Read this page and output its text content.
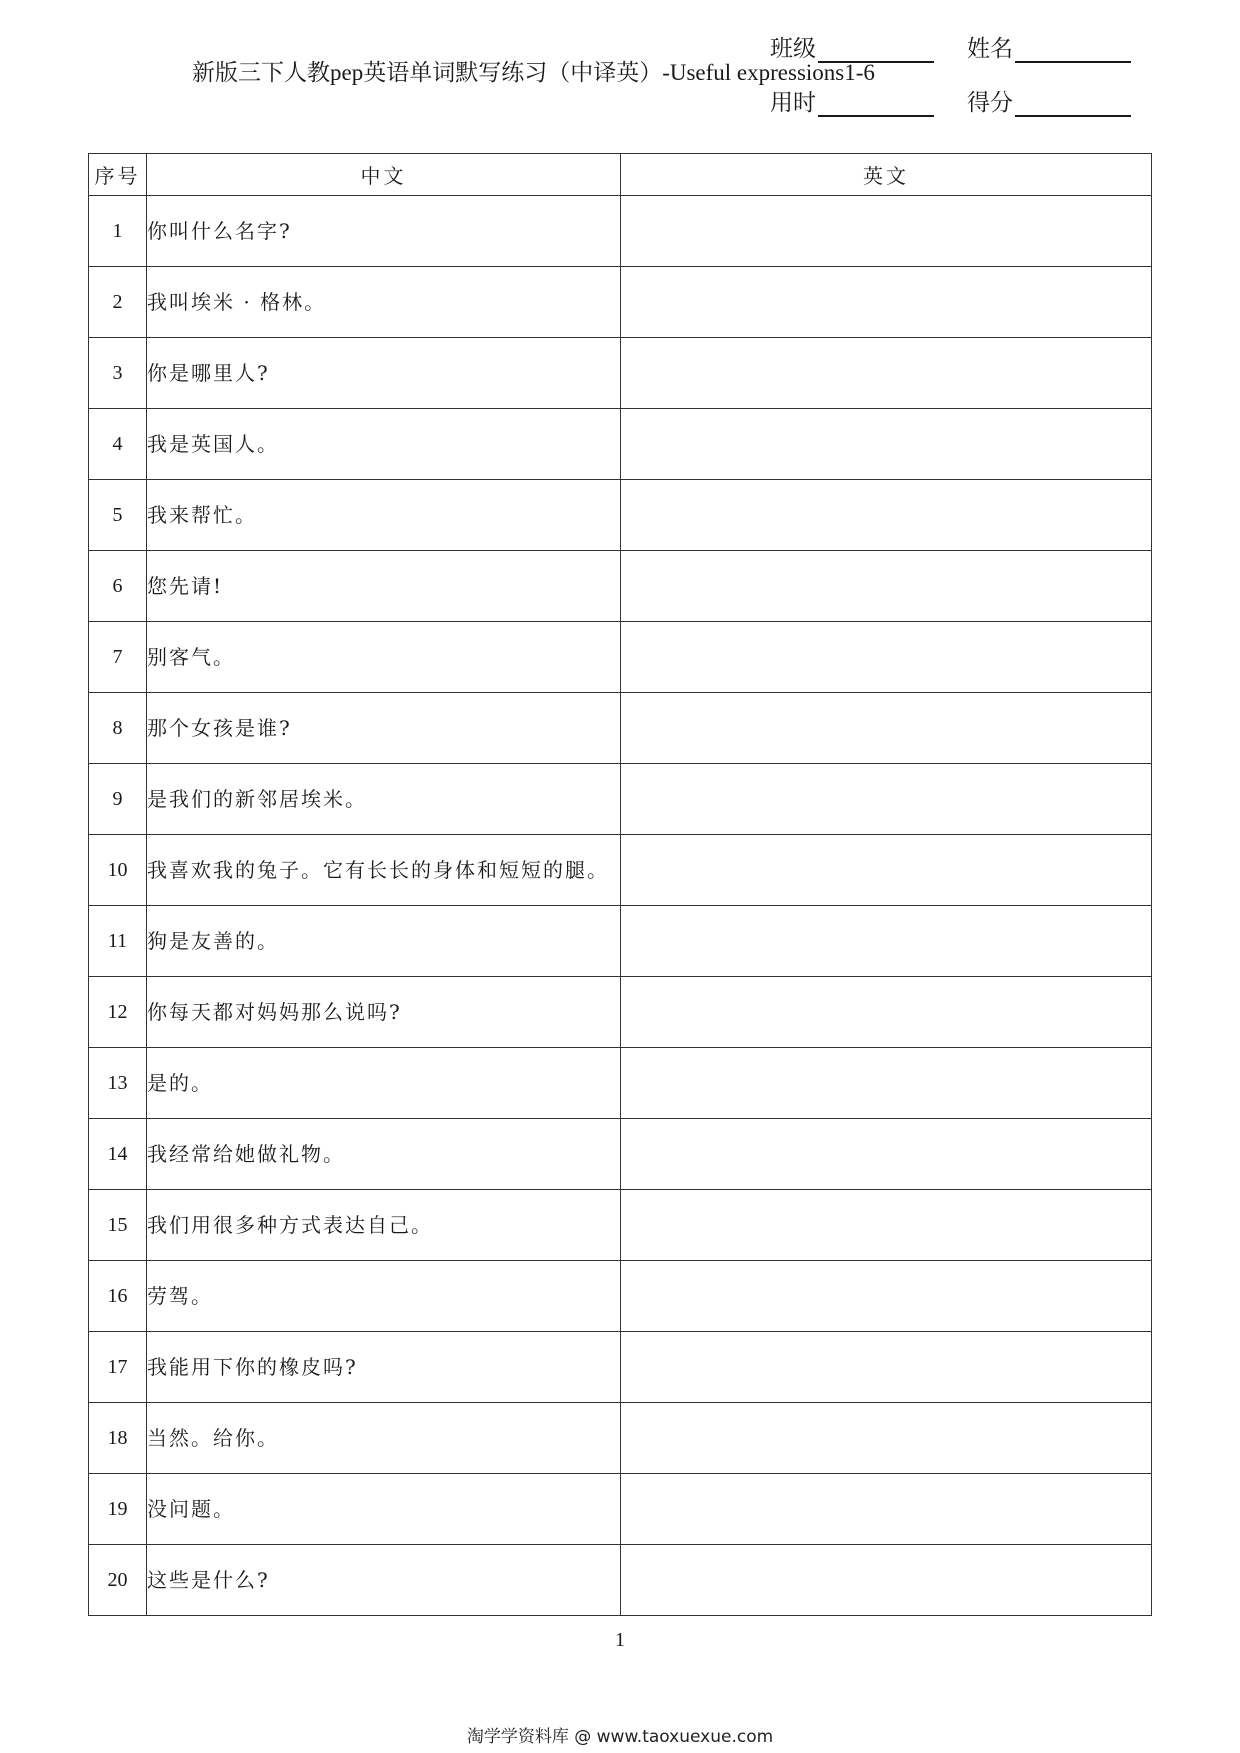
新版三下人教pep英语单词默写练习（中译英）-Useful expressions1-6
班级	姓名
用时	得分
序号	中文	英文
1	你叫什么名字?	
2	我叫埃米 · 格林。	
3	你是哪里人?	
4	我是英国人。	
5	我来帮忙。	
6	您先请!	
7	别客气。	
8	那个女孩是谁?	
9	是我们的新邻居埃米。	
10	我喜欢我的兔子。它有长长的身体和短短的腿。	
11	狗是友善的。	
12	你每天都对妈妈那么说吗?	
13	是的。	
14	我经常给她做礼物。	
15	我们用很多种方式表达自己。	
16	劳驾。	
17	我能用下你的橡皮吗?	
18	当然。给你。	
19	没问题。	
20	这些是什么?	
1
淘学学资料库 @ www.taoxuexue.com
